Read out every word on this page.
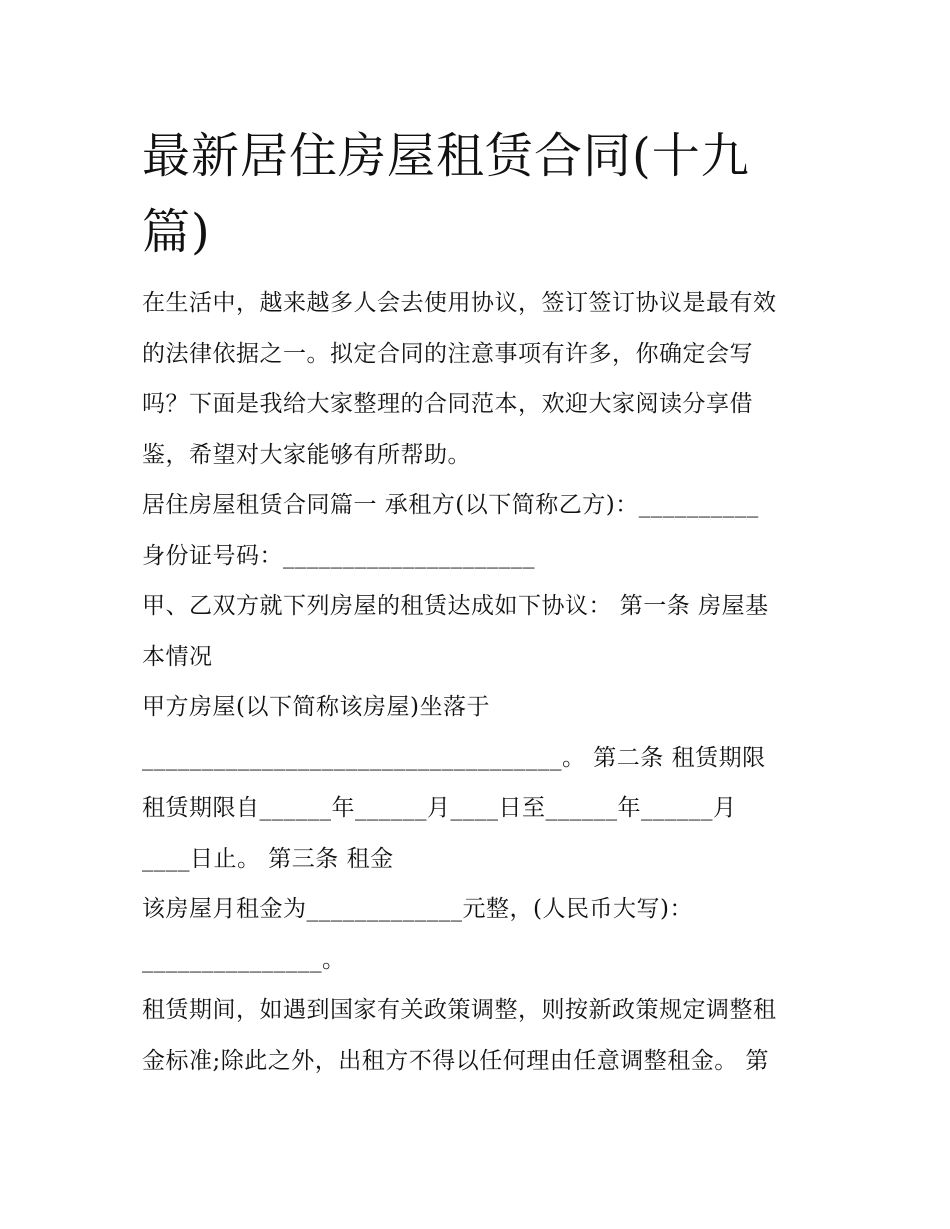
最新居住房屋租赁合同(十九
篇)
在生活中，越来越多人会去使用协议，签订签订协议是最有效
的法律依据之一。拟定合同的注意事项有许多，你确定会写
吗？下面是我给大家整理的合同范本，欢迎大家阅读分享借
鉴，希望对大家能够有所帮助。
居住房屋租赁合同篇一 承租方(以下简称乙方)：__________
身份证号码：_____________________
甲、乙双方就下列房屋的租赁达成如下协议： 第一条 房屋基
本情况
甲方房屋(以下简称该房屋)坐落于
___________________________________。 第二条 租赁期限
租赁期限自______年______月____日至______年______月
____日止。 第三条 租金
该房屋月租金为_____________元整，(人民币大写)：
_______________。
租赁期间，如遇到国家有关政策调整，则按新政策规定调整租
金标准;除此之外，出租方不得以任何理由任意调整租金。 第
